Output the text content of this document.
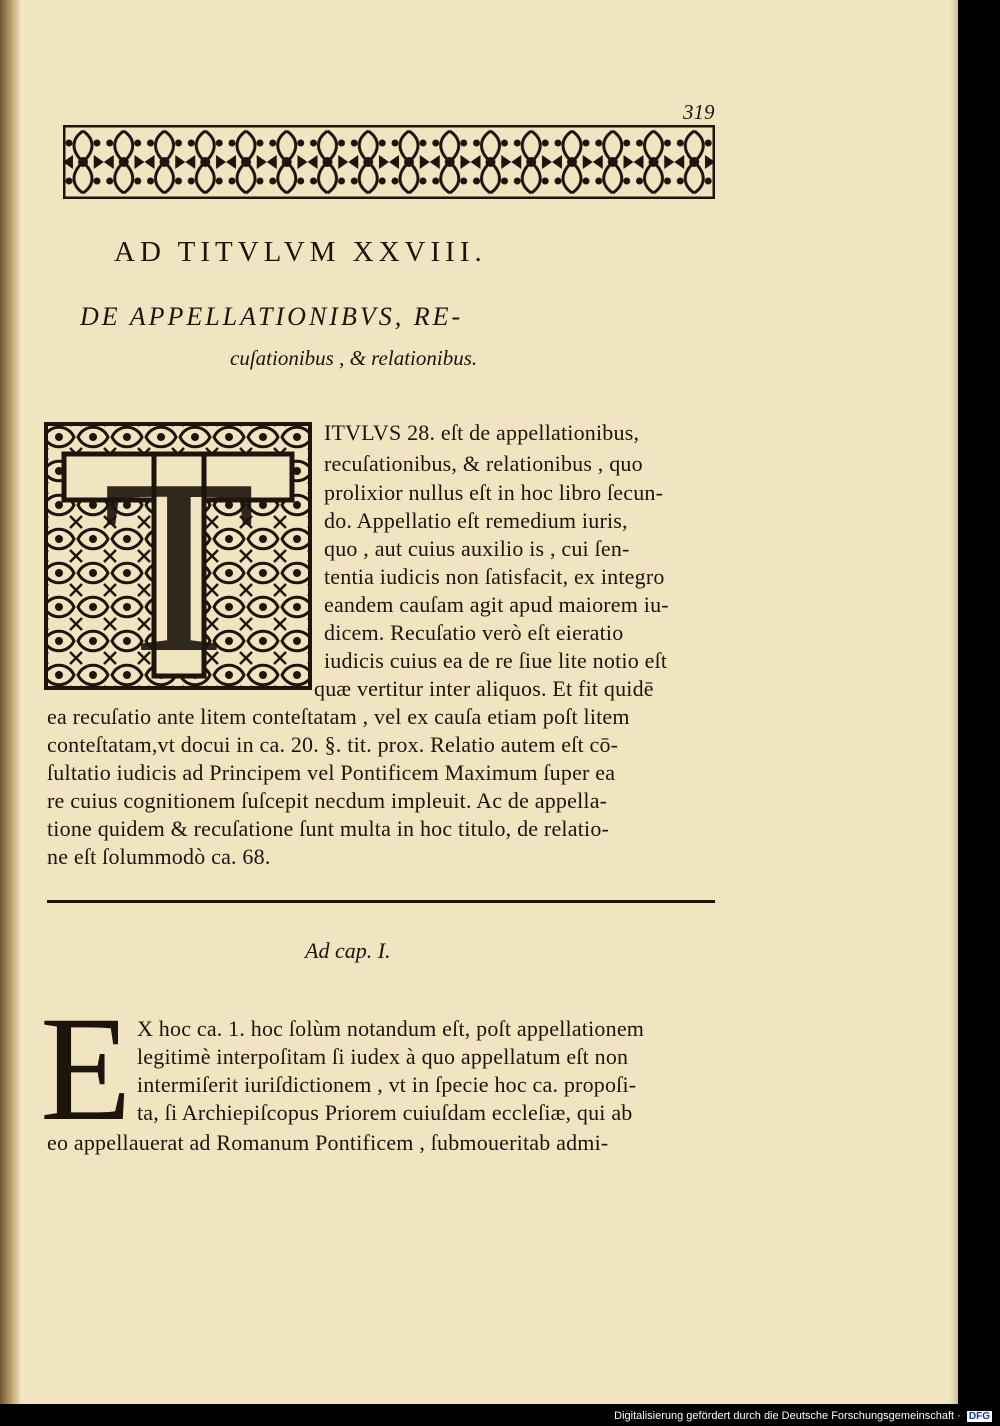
319
AD TITVLVM XXVIII.
DE APPELLATIONIBVS, RE-
cuſationibus , & relationibus.
T	ITVLVS 28. eſt de appellationibus,
recuſationibus, & relationibus , quo
prolixior nullus eſt in hoc libro ſecun-
do. Appellatio eſt remedium iuris,
quo , aut cuius auxilio is , cui ſen-
tentia iudicis non ſatisfacit, ex integro
eandem cauſam agit apud maiorem iu-
dicem. Recuſatio verò eſt eieratio
iudicis cuius ea de re ſiue lite notio eſt
quæ vertitur inter aliquos. Et fit quidē
ea recuſatio ante litem conteſtatam , vel ex cauſa etiam poſt litem
conteſtatam,vt docui in ca. 20. §. tit. prox. Relatio autem eſt cō-
ſultatio iudicis ad Principem vel Pontificem Maximum ſuper ea
re cuius cognitionem ſuſcepit necdum impleuit. Ac de appella-
tione quidem & recuſatione ſunt multa in hoc titulo, de relatio-
ne eſt ſolummodò ca. 68.
Ad cap. I.
E X hoc ca. 1. hoc ſolùm notandum eſt, poſt appellationem
legitimè interpoſitam ſi iudex à quo appellatum eſt non
intermiſerit iuriſdictionem , vt in ſpecie hoc ca. propoſi-
ta, ſi Archiepiſcopus Priorem cuiuſdam eccleſiæ, qui ab
eo appellauerat ad Romanum Pontificem , ſubmoueritab admi-
Digitalisierung gefördert durch die Deutsche Forschungsgemeinschaft · DFG
